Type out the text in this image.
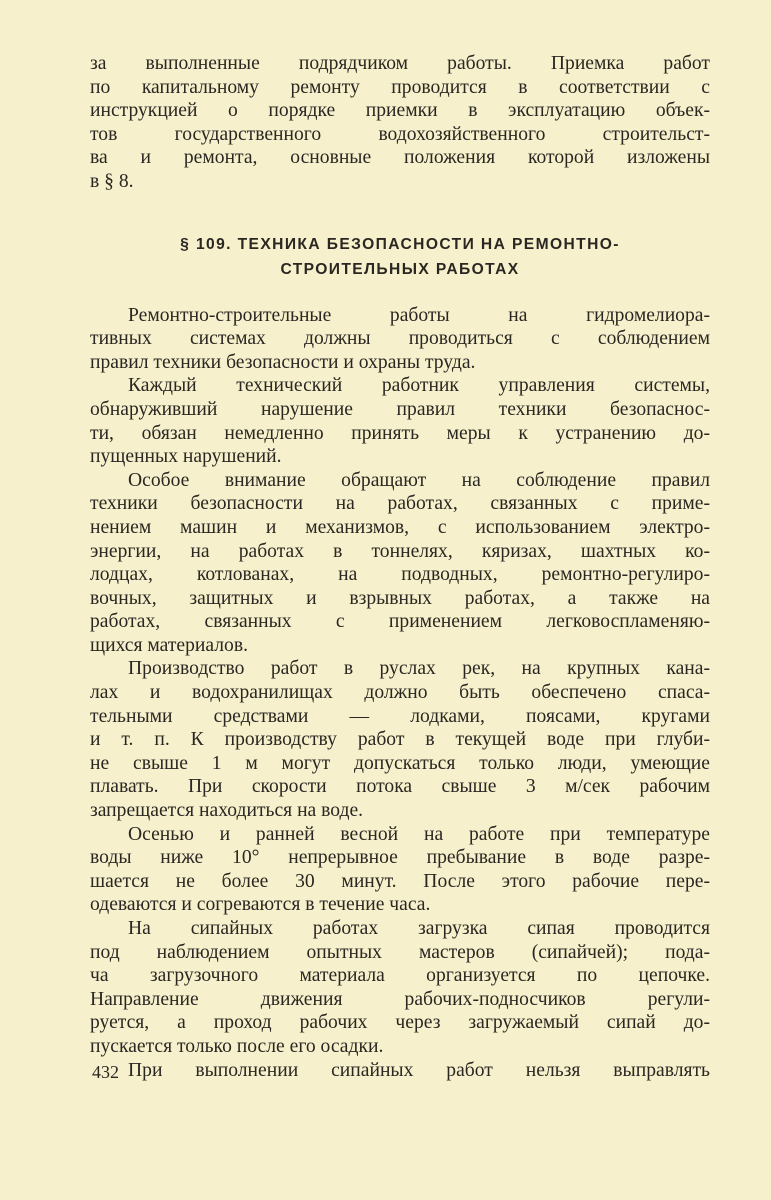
за выполненные подрядчиком работы. Приемка работ
по капитальному ремонту проводится в соответствии с
инструкцией о порядке приемки в эксплуатацию объек-
тов государственного водохозяйственного строительст-
ва и ремонта, основные положения которой изложены
в § 8.
§ 109. ТЕХНИКА БЕЗОПАСНОСТИ НА РЕМОНТНО-
СТРОИТЕЛЬНЫХ РАБОТАХ
Ремонтно-строительные работы на гидромелиора-
тивных системах должны проводиться с соблюдением
правил техники безопасности и охраны труда.
Каждый технический работник управления системы,
обнаруживший нарушение правил техники безопаснос-
ти, обязан немедленно принять меры к устранению до-
пущенных нарушений.
Особое внимание обращают на соблюдение правил
техники безопасности на работах, связанных с приме-
нением машин и механизмов, с использованием электро-
энергии, на работах в тоннелях, кяризах, шахтных ко-
лодцах, котлованах, на подводных, ремонтно-регулиро-
вочных, защитных и взрывных работах, а также на
работах, связанных с применением легковоспламеняю-
щихся материалов.
Производство работ в руслах рек, на крупных кана-
лах и водохранилищах должно быть обеспечено спаса-
тельными средствами — лодками, поясами, кругами
и т. п. К производству работ в текущей воде при глуби-
не свыше 1 м могут допускаться только люди, умеющие
плавать. При скорости потока свыше 3 м/сек рабочим
запрещается находиться на воде.
Осенью и ранней весной на работе при температуре
воды ниже 10° непрерывное пребывание в воде разре-
шается не более 30 минут. После этого рабочие пере-
одеваются и согреваются в течение часа.
На сипайных работах загрузка сипая проводится
под наблюдением опытных мастеров (сипайчей); пода-
ча загрузочного материала организуется по цепочке.
Направление движения рабочих-подносчиков регули-
руется, а проход рабочих через загружаемый сипай до-
пускается только после его осадки.
При выполнении сипайных работ нельзя выправлять
432
